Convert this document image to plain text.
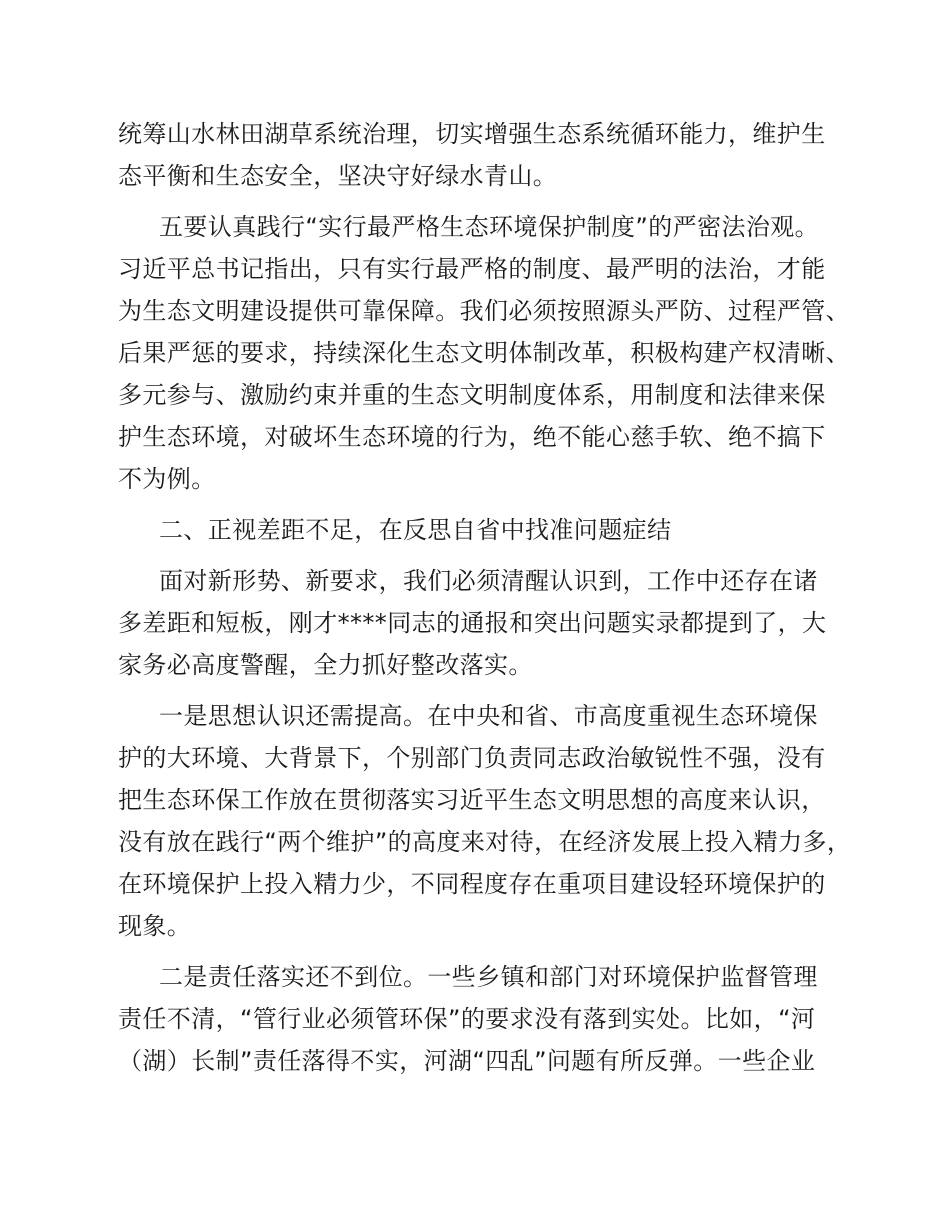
统筹山水林田湖草系统治理，切实增强生态系统循环能力，维护生
态平衡和生态安全，坚决守好绿水青山。
五要认真践行“实行最严格生态环境保护制度”的严密法治观。
习近平总书记指出，只有实行最严格的制度、最严明的法治，才能
为生态文明建设提供可靠保障。我们必须按照源头严防、过程严管、
后果严惩的要求，持续深化生态文明体制改革，积极构建产权清晰、
多元参与、激励约束并重的生态文明制度体系，用制度和法律来保
护生态环境，对破坏生态环境的行为，绝不能心慈手软、绝不搞下
不为例。
二、正视差距不足，在反思自省中找准问题症结
面对新形势、新要求，我们必须清醒认识到，工作中还存在诸
多差距和短板，刚才****同志的通报和突出问题实录都提到了，大
家务必高度警醒，全力抓好整改落实。
一是思想认识还需提高。在中央和省、市高度重视生态环境保
护的大环境、大背景下，个别部门负责同志政治敏锐性不强，没有
把生态环保工作放在贯彻落实习近平生态文明思想的高度来认识，
没有放在践行“两个维护”的高度来对待，在经济发展上投入精力多，
在环境保护上投入精力少，不同程度存在重项目建设轻环境保护的
现象。
二是责任落实还不到位。一些乡镇和部门对环境保护监督管理
责任不清，“管行业必须管环保”的要求没有落到实处。比如，“河
（湖）长制”责任落得不实，河湖“四乱”问题有所反弹。一些企业
